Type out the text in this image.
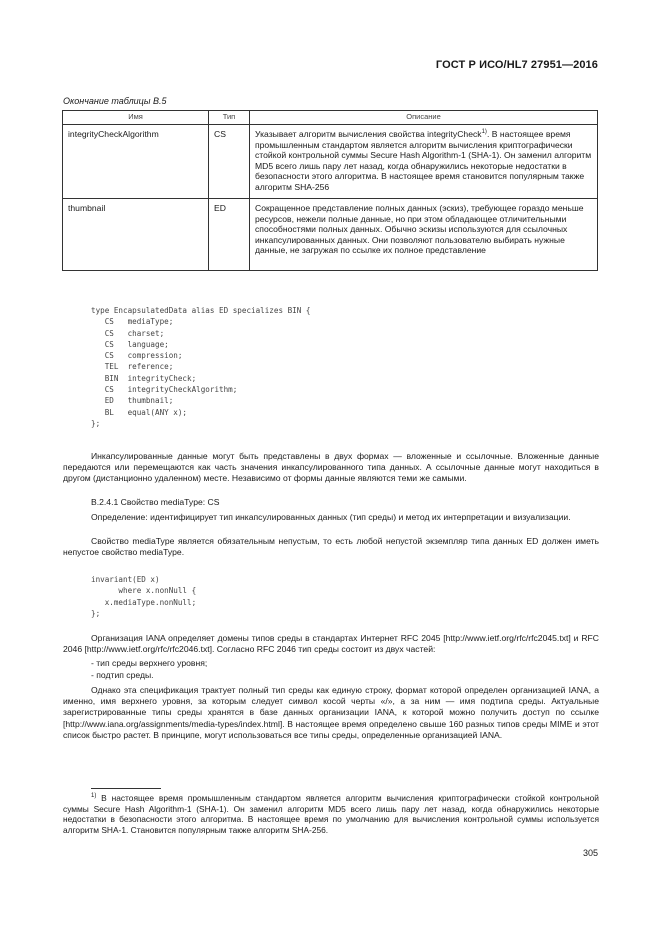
ГОСТ Р ИСО/HL7 27951—2016
Окончание таблицы В.5
Имя	Тип	Описание
integrityCheckAlgorithm	CS	Указывает алгоритм вычисления свойства integrityCheck$^{1)}$. В настоящее время промышленным стандартом является алгоритм вычисления криптографически стойкой контрольной суммы Secure Hash Algorithm-1 (SHA-1). Он заменил алгоритм MD5 всего лишь пару лет назад, когда обнаружились некоторые недостатки в безопасности этого алгоритма. В настоящее время становится популярным также алгоритм SHA-256
thumbnail	ED	Сокращенное представление полных данных (эскиз), требующее гораздо меньше ресурсов, нежели полные данные, но при этом обладающее отличительными способностями полных данных. Обычно эскизы используются для ссылочных инкапсулированных данных. Они позволяют пользователю выбирать нужные данные, не загружая по ссылке их полное представление
type EncapsulatedData alias ED specializes BIN {
CS   mediaType;
CS   charset;
CS   language;
CS   compression;
TEL  reference;
BIN  integrityCheck;
CS   integrityCheckAlgorithm;
ED   thumbnail;
BL   equal(ANY x);
};
Инкапсулированные данные могут быть представлены в двух формах — вложенные и ссылочные. Вложенные данные передаются или перемещаются как часть значения инкапсулированного типа данных. А ссылочные данные могут находиться в другом (дистанционно удаленном) месте. Независимо от формы данные являются теми же самыми.
В.2.4.1 Свойство mediaType: CS
Определение: идентифицирует тип инкапсулированных данных (тип среды) и метод их интерпретации и визуализации.
Свойство mediaType является обязательным непустым, то есть любой непустой экземпляр типа данных ED должен иметь непустое свойство mediaType.
invariant(ED x)
where x.nonNull {
x.mediaType.nonNull;
};
Организация IANA определяет домены типов среды в стандартах Интернет RFC 2045 [http://www.ietf.org/rfc/rfc2045.txt] и RFC 2046 [http://www.ietf.org/rfc/rfc2046.txt]. Согласно RFC 2046 тип среды состоит из двух частей:
- тип среды верхнего уровня;
- подтип среды.
Однако эта спецификация трактует полный тип среды как единую строку, формат которой определен организацией IANA, а именно, имя верхнего уровня, за которым следует символ косой черты «/», а за ним — имя подтипа среды. Актуальные зарегистрированные типы среды хранятся в базе данных организации IANA, к которой можно получить доступ по ссылке [http://www.iana.org/assignments/media-types/index.html]. В настоящее время определено свыше 160 разных типов среды MIME и этот список быстро растет. В принципе, могут использоваться все типы среды, определенные организацией IANA.
$^{1)}$ В настоящее время промышленным стандартом является алгоритм вычисления криптографически стойкой контрольной суммы Secure Hash Algorithm-1 (SHA-1). Он заменил алгоритм MD5 всего лишь пару лет назад, когда обнаружились некоторые недостатки в безопасности этого алгоритма. В настоящее время по умолчанию для вычисления контрольной суммы используется алгоритм SHA-1. Становится популярным также алгоритм SHA-256.
305
